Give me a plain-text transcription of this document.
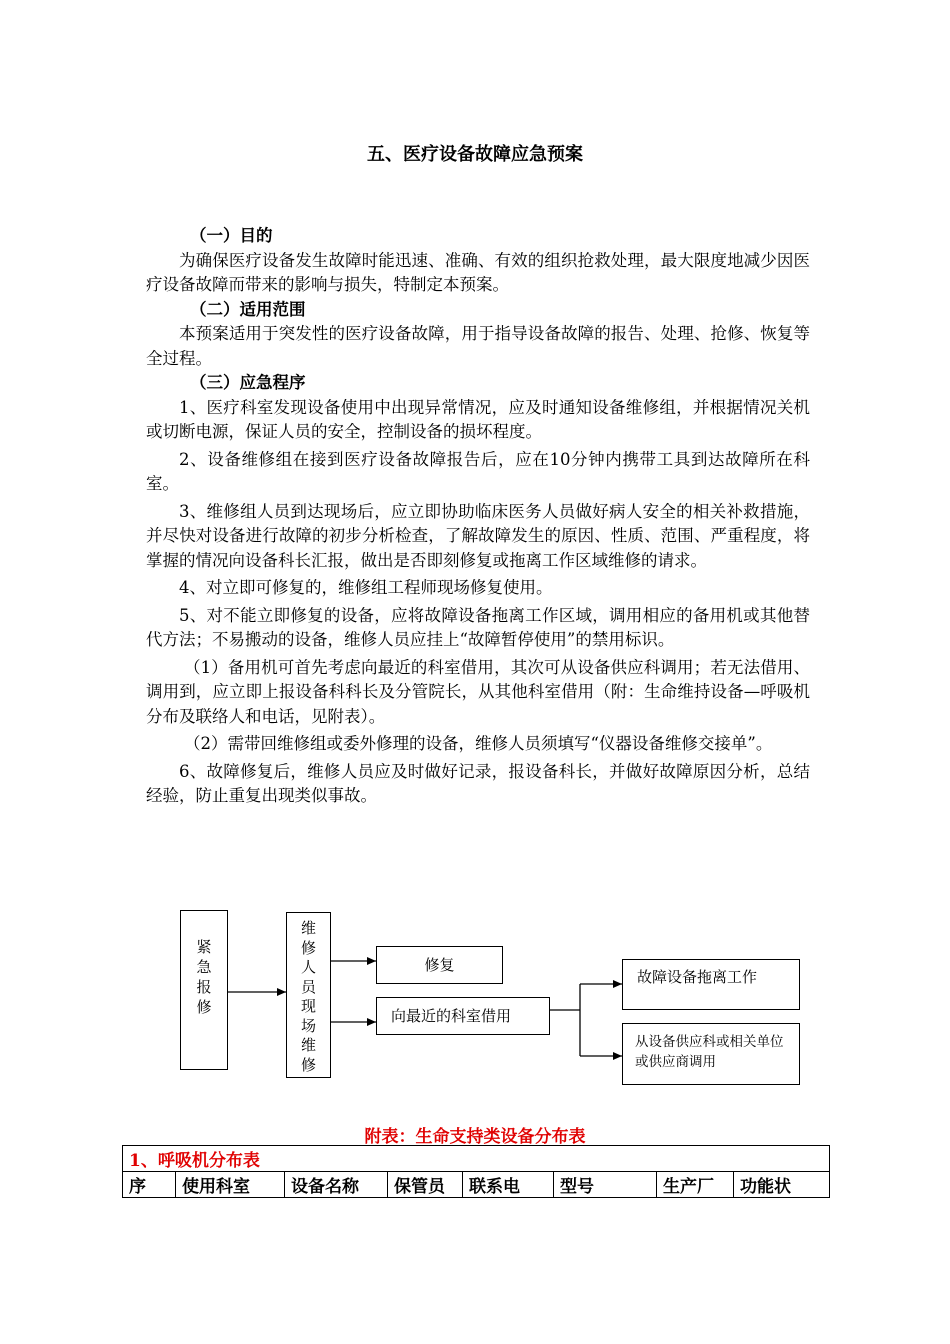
五、医疗设备故障应急预案

（一）目的

为确保医疗设备发生故障时能迅速、准确、有效的组织抢救处理，最大限度地减少因医疗设备故障而带来的影响与损失，特制定本预案。

（二）适用范围

本预案适用于突发性的医疗设备故障，用于指导设备故障的报告、处理、抢修、恢复等全过程。

（三）应急程序

1、医疗科室发现设备使用中出现异常情况，应及时通知设备维修组，并根据情况关机或切断电源，保证人员的安全，控制设备的损坏程度。

2、设备维修组在接到医疗设备故障报告后，应在10分钟内携带工具到达故障所在科室。

3、维修组人员到达现场后，应立即协助临床医务人员做好病人安全的相关补救措施，并尽快对设备进行故障的初步分析检查，了解故障发生的原因、性质、范围、严重程度，将掌握的情况向设备科长汇报，做出是否即刻修复或拖离工作区域维修的请求。

4、对立即可修复的，维修组工程师现场修复使用。

5、对不能立即修复的设备，应将故障设备拖离工作区域，调用相应的备用机或其他替代方法；不易搬动的设备，维修人员应挂上“故障暂停使用”的禁用标识。

（1）备用机可首先考虑向最近的科室借用，其次可从设备供应科调用；若无法借用、调用到，应立即上报设备科科长及分管院长，从其他科室借用（附：生命维持设备—呼吸机分布及联络人和电话，见附表）。

（2）需带回维修组或委外修理的设备，维修人员须填写“仪器设备维修交接单”。

6、故障修复后，维修人员应及时做好记录，报设备科长，并做好故障原因分析，总结经验，防止重复出现类似事故。

紧
急
报
修
维
修
人
员
现
场
维
修
修复
向最近的科室借用
故障设备拖离工作
从设备供应科或相关单位或供应商调用
附表：生命支持类设备分布表
1、呼吸机分布表
序	使用科室	设备名称	保管员	联系电	型号	生产厂	功能状
